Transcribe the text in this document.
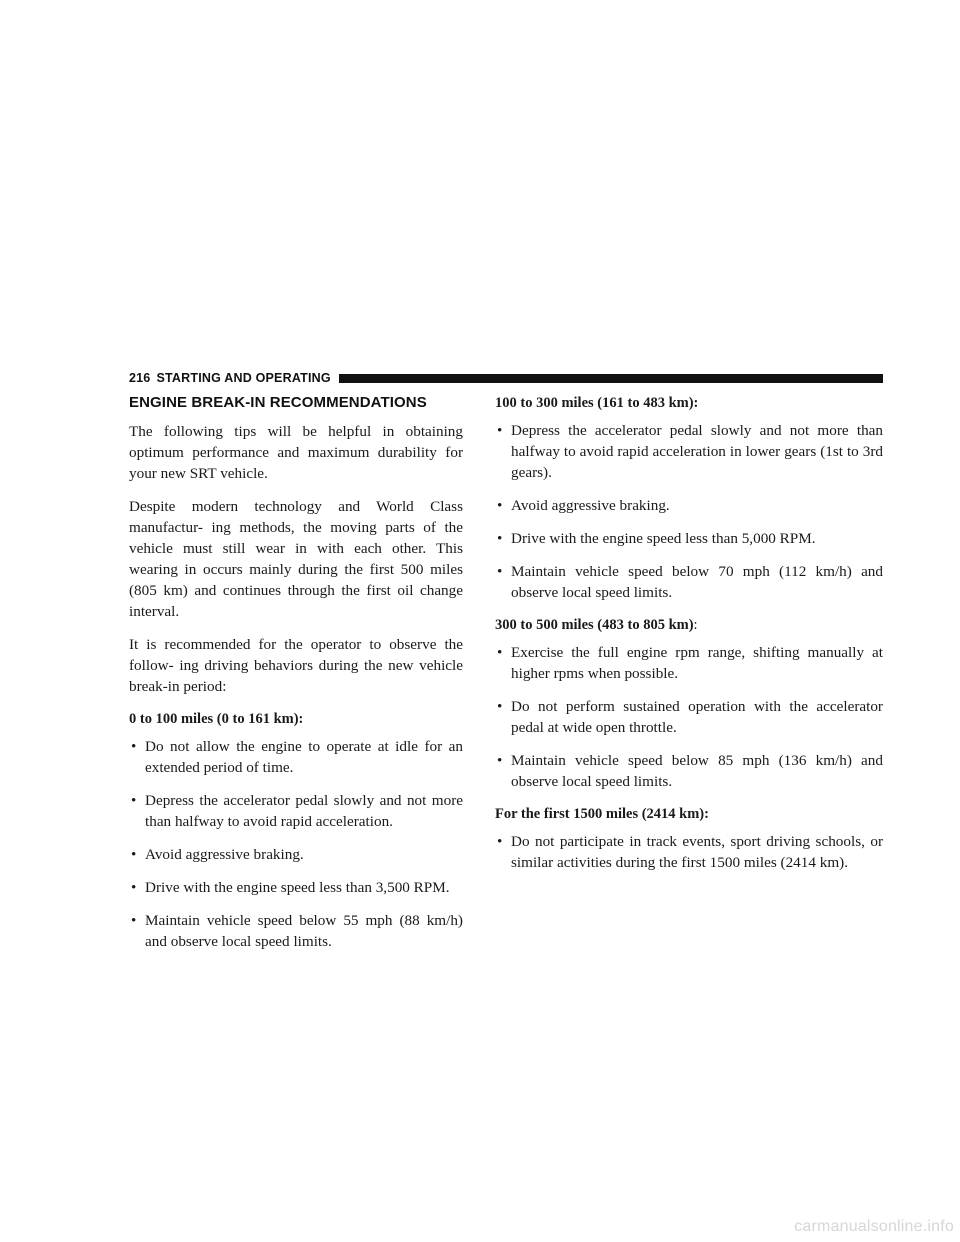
216 STARTING AND OPERATING
ENGINE BREAK-IN RECOMMENDATIONS

The following tips will be helpful in obtaining optimum performance and maximum durability for your new SRT vehicle.

Despite modern technology and World Class manufactur- ing methods, the moving parts of the vehicle must still wear in with each other. This wearing in occurs mainly during the first 500 miles (805 km) and continues through the first oil change interval.

It is recommended for the operator to observe the follow- ing driving behaviors during the new vehicle break-in period:

0 to 100 miles (0 to 161 km):
• Do not allow the engine to operate at idle for an extended period of time.
• Depress the accelerator pedal slowly and not more than halfway to avoid rapid acceleration.
• Avoid aggressive braking.
• Drive with the engine speed less than 3,500 RPM.
• Maintain vehicle speed below 55 mph (88 km/h) and observe local speed limits.
100 to 300 miles (161 to 483 km):
• Depress the accelerator pedal slowly and not more than halfway to avoid rapid acceleration in lower gears (1st to 3rd gears).
• Avoid aggressive braking.
• Drive with the engine speed less than 5,000 RPM.
• Maintain vehicle speed below 70 mph (112 km/h) and observe local speed limits.
300 to 500 miles (483 to 805 km):
• Exercise the full engine rpm range, shifting manually at higher rpms when possible.
• Do not perform sustained operation with the accelerator pedal at wide open throttle.
• Maintain vehicle speed below 85 mph (136 km/h) and observe local speed limits.
For the first 1500 miles (2414 km):
• Do not participate in track events, sport driving schools, or similar activities during the first 1500 miles (2414 km).
carmanualsonline.info
